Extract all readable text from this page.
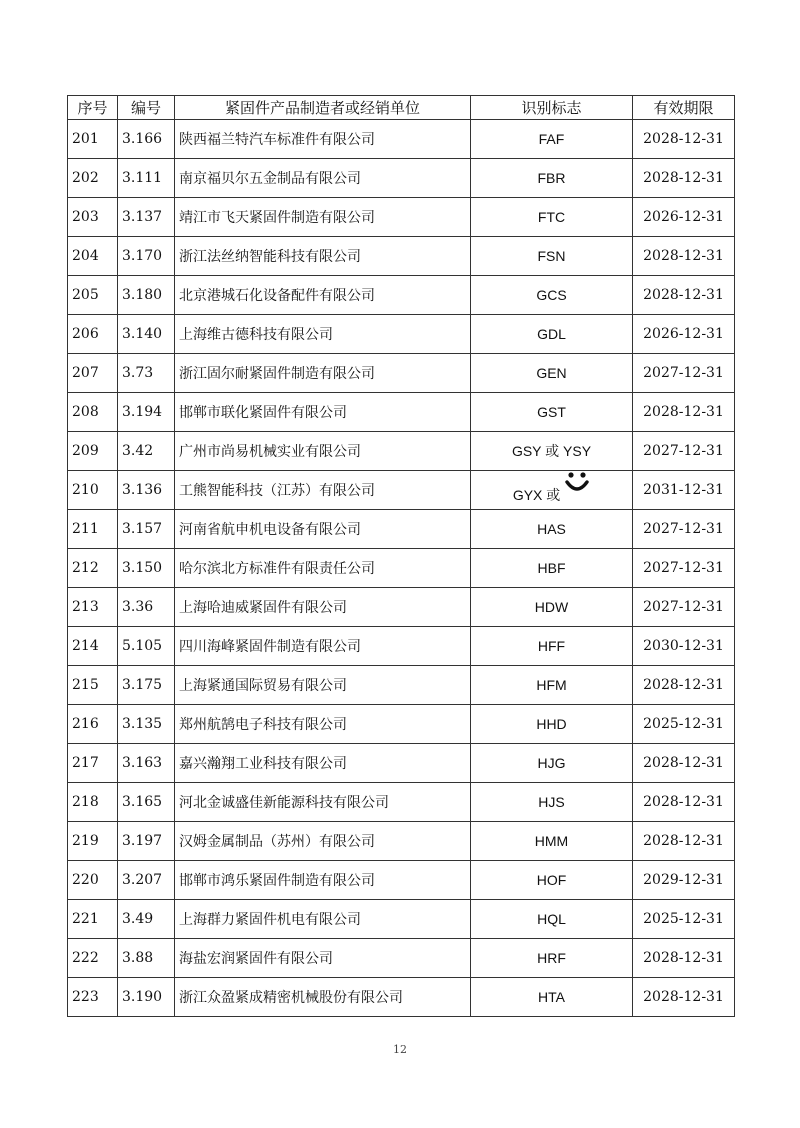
序号	编号	紧固件产品制造者或经销单位	识别标志	有效期限
201	3.166	陕西福兰特汽车标准件有限公司	FAF	2028-12-31
202	3.111	南京福贝尔五金制品有限公司	FBR	2028-12-31
203	3.137	靖江市飞天紧固件制造有限公司	FTC	2026-12-31
204	3.170	浙江法丝纳智能科技有限公司	FSN	2028-12-31
205	3.180	北京港城石化设备配件有限公司	GCS	2028-12-31
206	3.140	上海维古德科技有限公司	GDL	2026-12-31
207	3.73	浙江固尔耐紧固件制造有限公司	GEN	2027-12-31
208	3.194	邯郸市联化紧固件有限公司	GST	2028-12-31
209	3.42	广州市尚易机械实业有限公司	GSY 或 YSY	2027-12-31
210	3.136	工熊智能科技（江苏）有限公司	GYX 或	2031-12-31
211	3.157	河南省航申机电设备有限公司	HAS	2027-12-31
212	3.150	哈尔滨北方标准件有限责任公司	HBF	2027-12-31
213	3.36	上海哈迪威紧固件有限公司	HDW	2027-12-31
214	5.105	四川海峰紧固件制造有限公司	HFF	2030-12-31
215	3.175	上海紧通国际贸易有限公司	HFM	2028-12-31
216	3.135	郑州航鹄电子科技有限公司	HHD	2025-12-31
217	3.163	嘉兴瀚翔工业科技有限公司	HJG	2028-12-31
218	3.165	河北金诚盛佳新能源科技有限公司	HJS	2028-12-31
219	3.197	汉姆金属制品（苏州）有限公司	HMM	2028-12-31
220	3.207	邯郸市鸿乐紧固件制造有限公司	HOF	2029-12-31
221	3.49	上海群力紧固件机电有限公司	HQL	2025-12-31
222	3.88	海盐宏润紧固件有限公司	HRF	2028-12-31
223	3.190	浙江众盈紧成精密机械股份有限公司	HTA	2028-12-31
12
